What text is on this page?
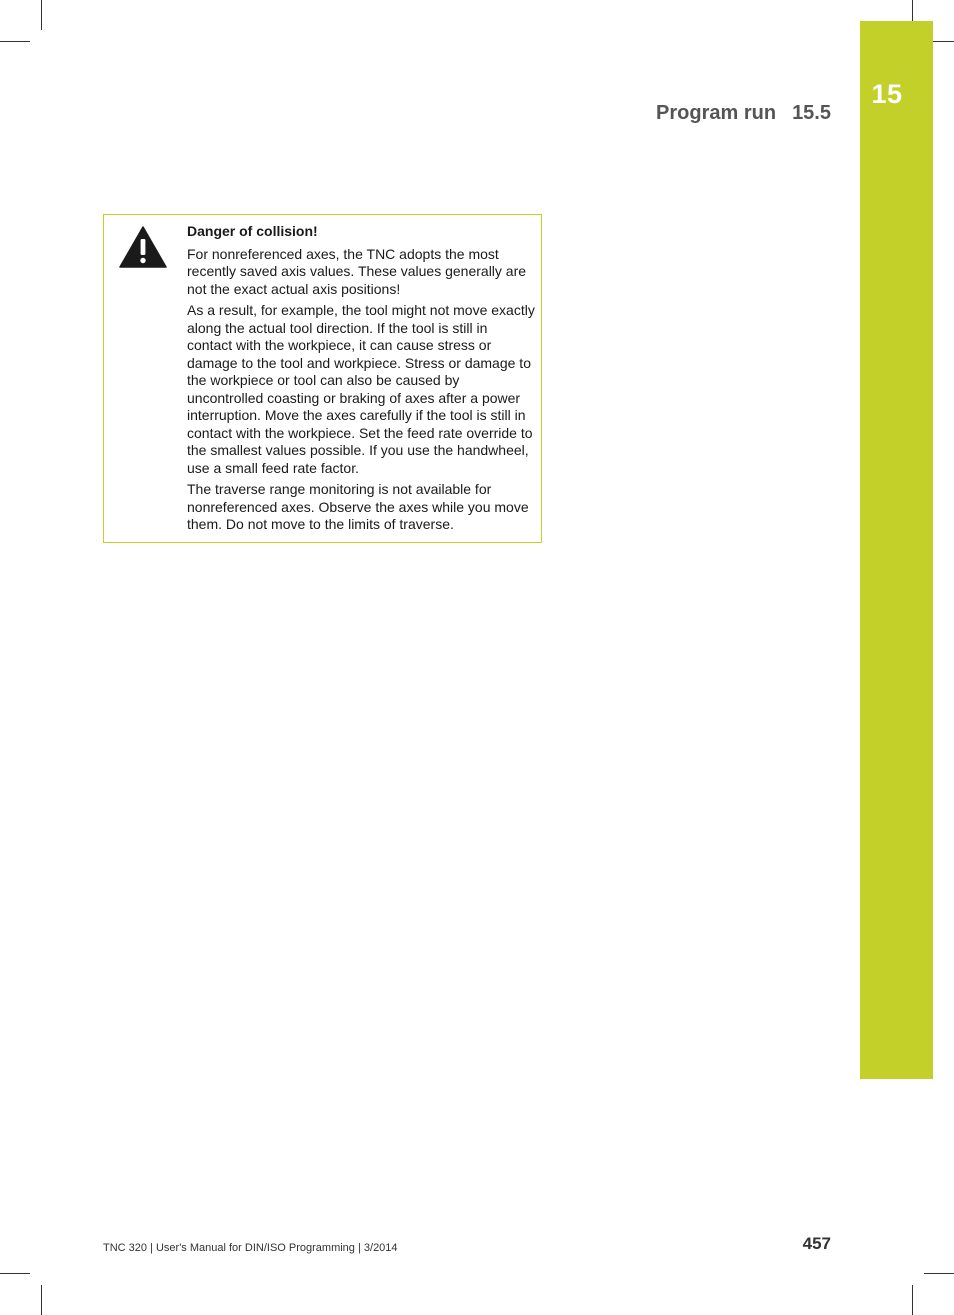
15
Program run 15.5
Danger of collision!

For nonreferenced axes, the TNC adopts the most recently saved axis values. These values generally are not the exact actual axis positions!

As a result, for example, the tool might not move exactly along the actual tool direction. If the tool is still in contact with the workpiece, it can cause stress or damage to the tool and workpiece. Stress or damage to the workpiece or tool can also be caused by uncontrolled coasting or braking of axes after a power interruption. Move the axes carefully if the tool is still in contact with the workpiece. Set the feed rate override to the smallest values possible. If you use the handwheel, use a small feed rate factor.

The traverse range monitoring is not available for nonreferenced axes. Observe the axes while you move them. Do not move to the limits of traverse.

TNC 320 | User's Manual for DIN/ISO Programming | 3/2014	457
